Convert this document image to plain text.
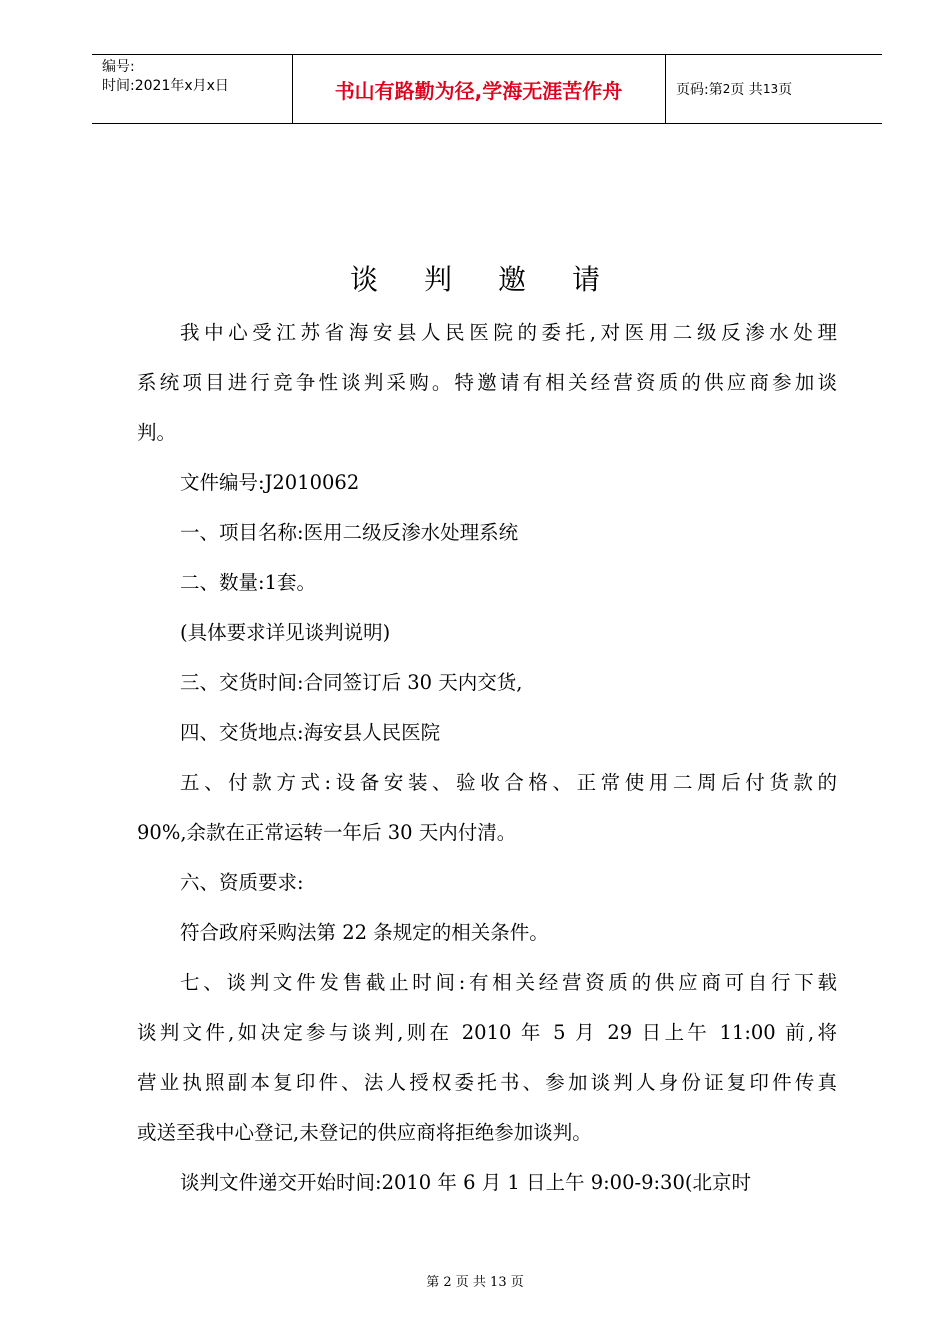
编号:
时间:2021年x月x日	书山有路勤为径,学海无涯苦作舟	页码:第 2 页 共 13 页
谈判邀请

我中心受江苏省海安县人民医院的委托,对医用二级反渗水处理
系统项目进行竞争性谈判采购。特邀请有相关经营资质的供应商参加谈
判。

文件编号:J2010062

一、项目名称:医用二级反渗水处理系统

二、数量:1套。

(具体要求详见谈判说明)

三、交货时间:合同签订后 30 天内交货,

四、交货地点:海安县人民医院

五、付款方式:设备安装、验收合格、正常使用二周后付货款的
90%,余款在正常运转一年后 30 天内付清。

六、资质要求:

符合政府采购法第 22 条规定的相关条件。

七、谈判文件发售截止时间:有相关经营资质的供应商可自行下载
谈判文件,如决定参与谈判,则在 2010 年 5 月 29 日上午 11:00 前,将
营业执照副本复印件、法人授权委托书、参加谈判人身份证复印件传真
或送至我中心登记,未登记的供应商将拒绝参加谈判。

谈判文件递交开始时间:2010 年 6 月 1 日上午 9:00-9:30(北京时

第 2 页 共 13 页
